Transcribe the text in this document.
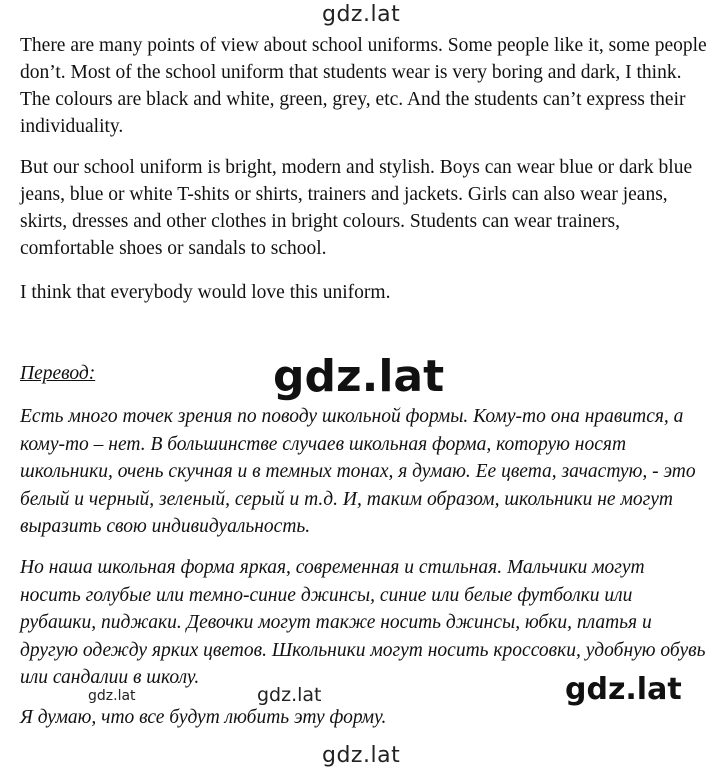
gdz.lat

There are many points of view about school uniforms. Some people like it, some people don’t. Most of the school uniform that students wear is very boring and dark, I think. The colours are black and white, green, grey, etc. And the students can’t express their individuality.

But our school uniform is bright, modern and stylish. Boys can wear blue or dark blue jeans, blue or white T-shits or shirts, trainers and jackets. Girls can also wear jeans, skirts, dresses and other clothes in bright colours. Students can wear trainers, comfortable shoes or sandals to school.

I think that everybody would love this uniform.

Перевод:	gdz.lat

Есть много точек зрения по поводу школьной формы. Кому-то она нравится, а кому-то – нет. В большинстве случаев школьная форма, которую носят школьники, очень скучная и в темных тонах, я думаю. Ее цвета, зачастую, - это белый и черный, зеленый, серый и т.д. И, таким образом, школьники не могут выразить свою индивидуальность.

Но наша школьная форма яркая, современная и стильная. Мальчики могут носить голубые или темно-синие джинсы, синие или белые футболки или рубашки, пиджаки. Девочки могут также носить джинсы, юбки, платья и другую одежду ярких цветов. Школьники могут носить кроссовки, удобную обувь или сандалии в школу.

Я думаю, что все будут любить эту форму.

gdz.lat	gdz.lat	gdz.lat
gdz.lat
